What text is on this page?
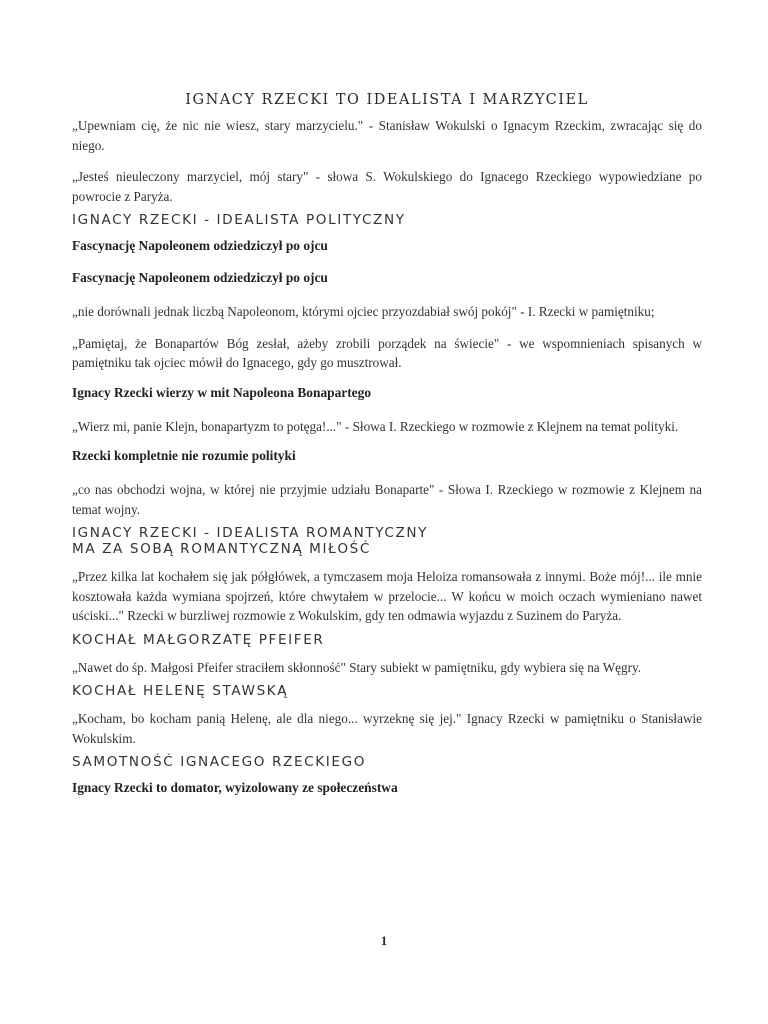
IGNACY RZECKI TO IDEALISTA I MARZYCIEL

„Upewniam cię, że nic nie wiesz, stary marzycielu." - Stanisław Wokulski o Ignacym Rzeckim, zwracając się do niego.

„Jesteś nieuleczony marzyciel, mój stary" - słowa S. Wokulskiego do Ignacego Rzeckiego wypowiedziane po powrocie z Paryża.

IGNACY RZECKI - IDEALISTA POLITYCZNY

Fascynację Napoleonem odziedziczył po ojcu

Fascynację Napoleonem odziedziczył po ojcu

„nie dorównali jednak liczbą Napoleonom, którymi ojciec przyozdabiał swój pokój" - I. Rzecki w pamiętniku;

„Pamiętaj, że Bonapartów Bóg zesłał, ażeby zrobili porządek na świecie" - we wspomnieniach spisanych w pamiętniku tak ojciec mówił do Ignacego, gdy go musztrował.

Ignacy Rzecki wierzy w mit Napoleona Bonapartego

„Wierz mi, panie Klejn, bonapartyzm to potęga!..." - Słowa I. Rzeckiego w rozmowie z Klejnem na temat polityki.

Rzecki kompletnie nie rozumie polityki

„co nas obchodzi wojna, w której nie przyjmie udziału Bonaparte" - Słowa I. Rzeckiego w rozmowie z Klejnem na temat wojny.

IGNACY RZECKI - IDEALISTA ROMANTYCZNY
MA ZA SOBĄ ROMANTYCZNĄ MIŁOŚĆ

„Przez kilka lat kochałem się jak półgłówek, a tymczasem moja Heloiza romansowała z innymi. Boże mój!... ile mnie kosztowała każda wymiana spojrzeń, które chwytałem w przelocie... W końcu w moich oczach wymieniano nawet uściski..." Rzecki w burzliwej rozmowie z Wokulskim, gdy ten odmawia wyjazdu z Suzinem do Paryża.

KOCHAŁ MAŁGORZATĘ PFEIFER

„Nawet do śp. Małgosi Pfeifer straciłem skłonność" Stary subiekt w pamiętniku, gdy wybiera się na Węgry.

KOCHAŁ HELENĘ STAWSKĄ

„Kocham, bo kocham panią Helenę, ale dla niego... wyrzeknę się jej." Ignacy Rzecki w pamiętniku o Stanisławie Wokulskim.

SAMOTNOŚĆ IGNACEGO RZECKIEGO

Ignacy Rzecki to domator, wyizolowany ze społeczeństwa

1
